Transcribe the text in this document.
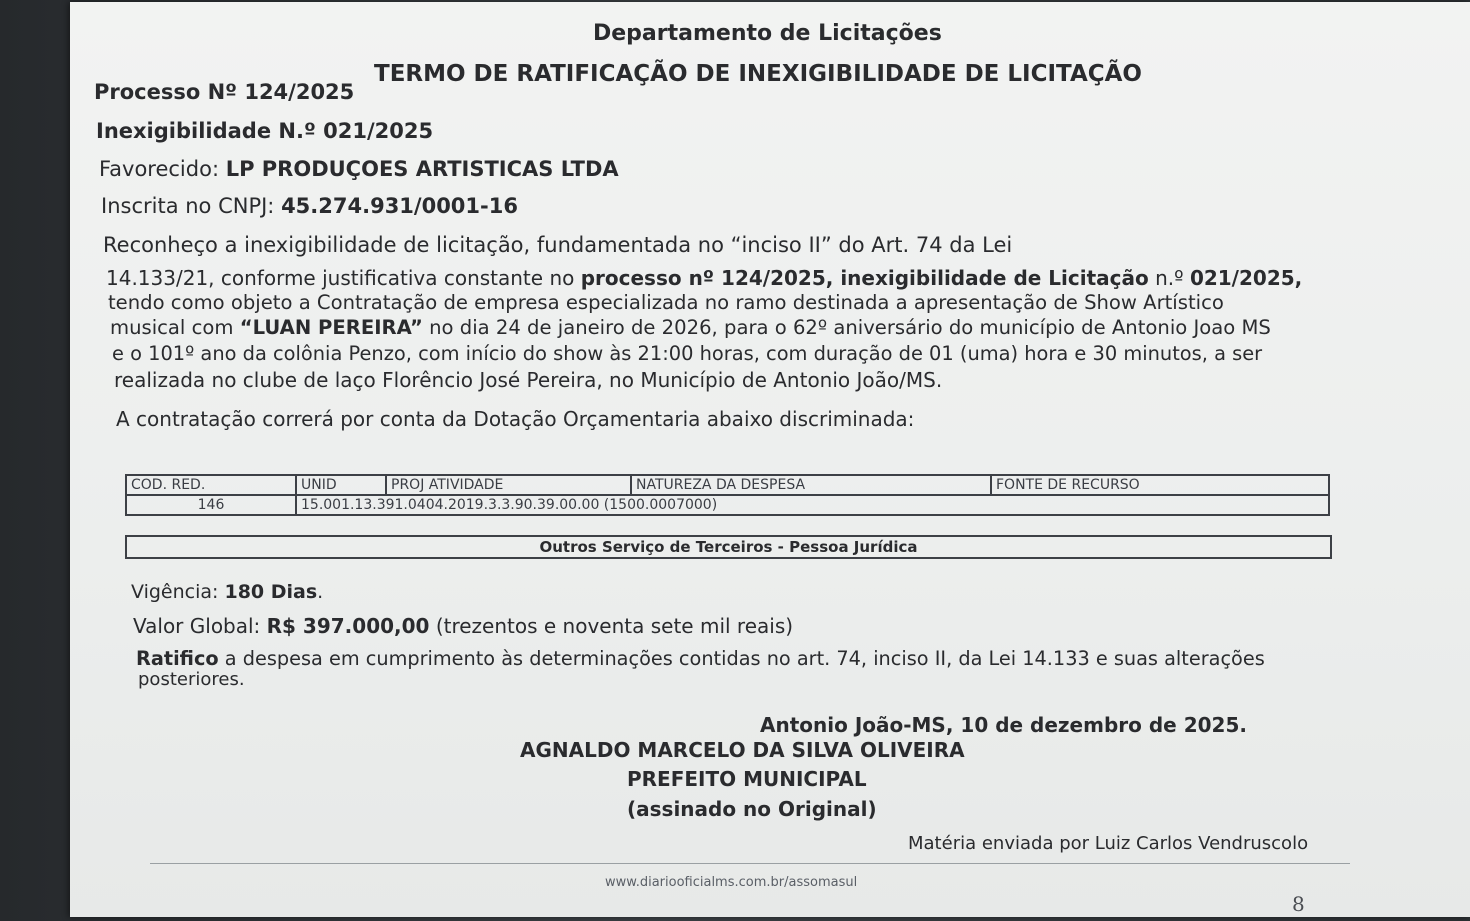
Departamento de Licitações
TERMO DE RATIFICAÇÃO DE INEXIGIBILIDADE DE LICITAÇÃO
Processo Nº 124/2025
Inexigibilidade N.º 021/2025
Favorecido: LP PRODUÇOES ARTISTICAS LTDA
Inscrita no CNPJ: 45.274.931/0001-16
Reconheço a inexigibilidade de licitação, fundamentada no “inciso II” do Art. 74 da Lei
14.133/21, conforme justificativa constante no processo nº 124/2025, inexigibilidade de Licitação n.º 021/2025,
tendo como objeto a Contratação de empresa especializada no ramo destinada a apresentação de Show Artístico
musical com “LUAN PEREIRA” no dia 24 de janeiro de 2026, para o 62º aniversário do município de Antonio Joao MS
e o 101º ano da colônia Penzo, com início do show às 21:00 horas, com duração de 01 (uma) hora e 30 minutos, a ser
realizada no clube de laço Florêncio José Pereira, no Município de Antonio João/MS.
A contratação correrá por conta da Dotação Orçamentaria abaixo discriminada:
COD. RED.	UNID	PROJ ATIVIDADE	NATUREZA DA DESPESA	FONTE DE RECURSO
146	15.001.13.391.0404.2019.3.3.90.39.00.00 (1500.0007000)			
Outros Serviço de Terceiros - Pessoa Jurídica
Vigência: 180 Dias.
Valor Global: R$ 397.000,00 (trezentos e noventa sete mil reais)
Ratifico a despesa em cumprimento às determinações contidas no art. 74, inciso II, da Lei 14.133 e suas alterações
posteriores.
Antonio João-MS, 10 de dezembro de 2025.
AGNALDO MARCELO DA SILVA OLIVEIRA
PREFEITO MUNICIPAL
(assinado no Original)
Matéria enviada por Luiz Carlos Vendruscolo
www.diariooficialms.com.br/assomasul
8
